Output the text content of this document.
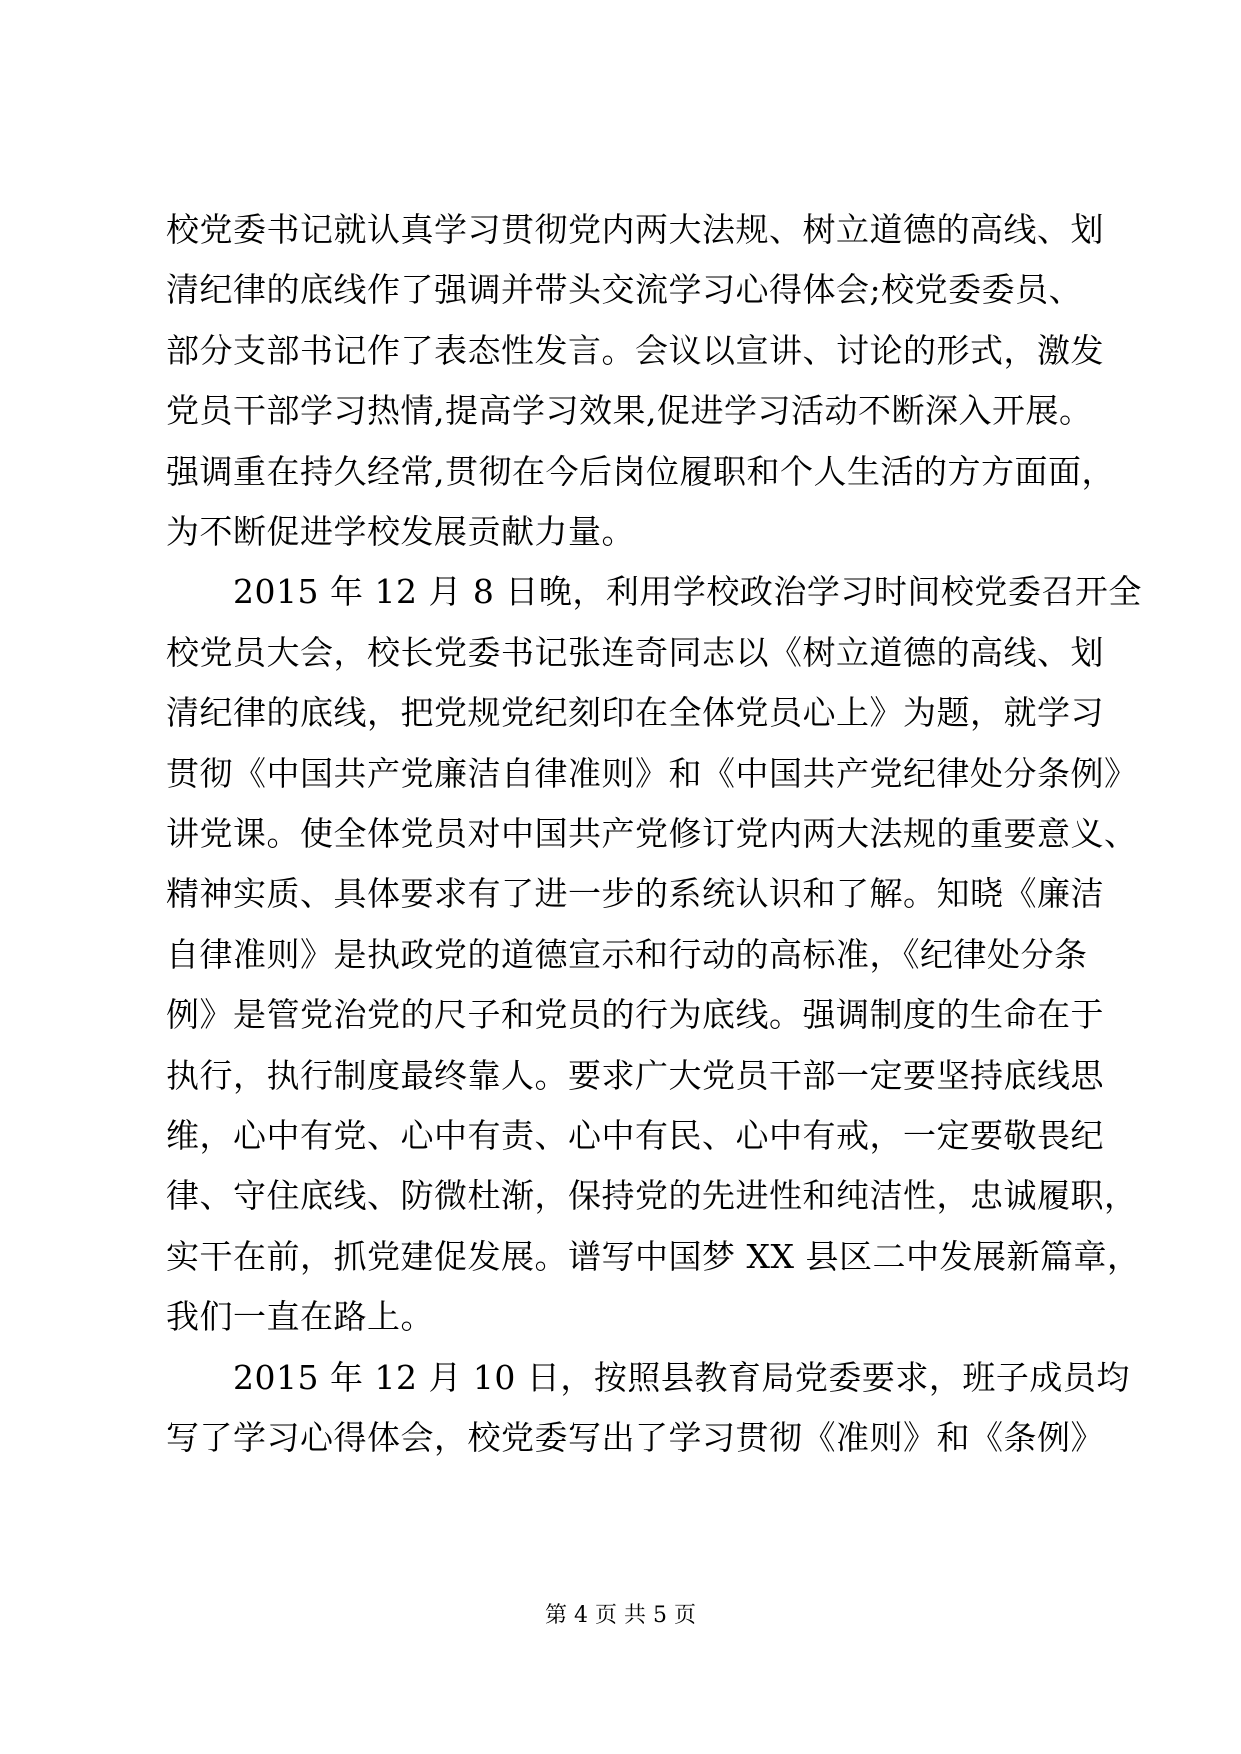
校党委书记就认真学习贯彻党内两大法规、树立道德的高线、划
清纪律的底线作了强调并带头交流学习心得体会;校党委委员、
部分支部书记作了表态性发言。会议以宣讲、讨论的形式，激发
党员干部学习热情,提高学习效果,促进学习活动不断深入开展。
强调重在持久经常,贯彻在今后岗位履职和个人生活的方方面面，
为不断促进学校发展贡献力量。
　　2015 年 12 月 8 日晚，利用学校政治学习时间校党委召开全
校党员大会，校长党委书记张连奇同志以《树立道德的高线、划
清纪律的底线，把党规党纪刻印在全体党员心上》为题，就学习
贯彻《中国共产党廉洁自律准则》和《中国共产党纪律处分条例》
讲党课。使全体党员对中国共产党修订党内两大法规的重要意义、
精神实质、具体要求有了进一步的系统认识和了解。知晓《廉洁
自律准则》是执政党的道德宣示和行动的高标准，《纪律处分条
例》是管党治党的尺子和党员的行为底线。强调制度的生命在于
执行，执行制度最终靠人。要求广大党员干部一定要坚持底线思
维，心中有党、心中有责、心中有民、心中有戒，一定要敬畏纪
律、守住底线、防微杜渐，保持党的先进性和纯洁性，忠诚履职，
实干在前，抓党建促发展。谱写中国梦 XX 县区二中发展新篇章，
我们一直在路上。
　　2015 年 12 月 10 日，按照县教育局党委要求，班子成员均
写了学习心得体会，校党委写出了学习贯彻《准则》和《条例》
第 4 页 共 5 页
